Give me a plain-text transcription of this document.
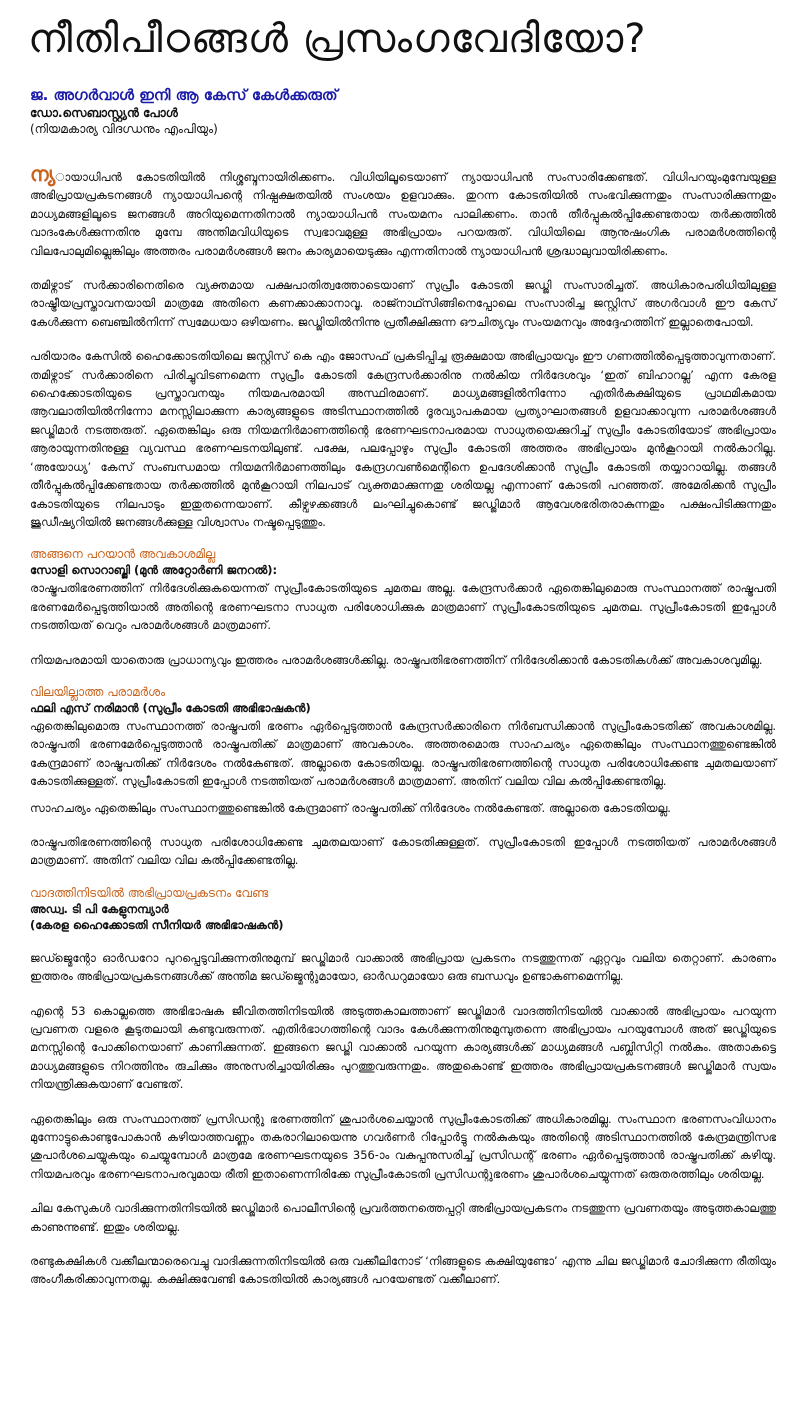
നീതിപീഠങ്ങൾ പ്രസംഗവേദിയോ?
ജ. അഗർവാൾ ഇനി ആ കേസ് കേൾക്കരുത്
ഡോ.സെബാസ്റ്റ്യൻ പോൾ
(നിയമകാര്യ വിദഗ്ധനും എംപിയും)

ന്യായാധിപൻ കോടതിയിൽ നിശ്ശബ്ദനായിരിക്കണം. വിധിയിലൂടെയാണ് ന്യായാധിപൻ സംസാരിക്കേണ്ടത്. വിധിപറയുംമുമ്പേയുള്ള അഭിപ്രായപ്രകടനങ്ങൾ ന്യായാധിപന്റെ നിഷ്പക്ഷതയിൽ സംശയം ഉളവാക്കും. തുറന്ന കോടതിയിൽ സംഭവിക്കുന്നതും സംസാരിക്കുന്നതും മാധ്യമങ്ങളിലൂടെ ജനങ്ങൾ അറിയുമെന്നതിനാൽ ന്യായാധിപൻ സംയമനം പാലിക്കണം. താൻ തീർപ്പുകൽപ്പിക്കേണ്ടതായ തർക്കത്തിൽ വാദംകേൾക്കുന്നതിനു മുമ്പേ അന്തിമവിധിയുടെ സ്വഭാവമുള്ള അഭിപ്രായം പറയരുത്. വിധിയിലെ ആനുഷംഗിക പരാമർശത്തിന്റെ വിലപോലുമില്ലെങ്കിലും അത്തരം പരാമർശങ്ങൾ ജനം കാര്യമായെടുക്കും എന്നതിനാൽ ന്യായാധിപൻ ശ്രദ്ധാലുവായിരിക്കണം.

തമിഴ്നാട് സർക്കാരിനെതിരെ വ്യക്തമായ പക്ഷപാതിത്വത്തോടെയാണ് സുപ്രീം കോടതി ജഡ്ജി സംസാരിച്ചത്. അധികാരപരിധിയിലുള്ള രാഷ്ട്രീയപ്രസ്താവനയായി മാത്രമേ അതിനെ കണക്കാക്കാനാവൂ. രാജ്നാഥ്സിങ്ങിനെപ്പോലെ സംസാരിച്ച ജസ്റ്റിസ് അഗർവാൾ ഈ കേസ് കേൾക്കുന്ന ബെഞ്ചിൽനിന്ന് സ്വമേധയാ ഒഴിയണം. ജഡ്ജിയിൽനിന്നു പ്രതീക്ഷിക്കുന്ന ഔചിത്യവും സംയമനവും അദ്ദേഹത്തിന് ഇല്ലാതെപോയി.

പരിയാരം കേസിൽ ഹൈക്കോടതിയിലെ ജസ്റ്റിസ് കെ എം ജോസഫ് പ്രകടിപ്പിച്ച രൂക്ഷമായ അഭിപ്രായവും ഈ ഗണത്തിൽപ്പെടുത്താവുന്നതാണ്. തമിഴ്നാട് സർക്കാരിനെ പിരിച്ചുവിടണമെന്ന സുപ്രീം കോടതി കേന്ദ്രസർക്കാരിനു നൽകിയ നിർദേശവും ‘ഇത് ബിഹാറല്ല’ എന്ന കേരള ഹൈക്കോടതിയുടെ പ്രസ്താവനയും നിയമപരമായി അസ്ഥിരമാണ്. മാധ്യമങ്ങളിൽനിന്നോ എതിർകക്ഷിയുടെ പ്രാഥമികമായ ആവലാതിയിൽനിന്നോ മനസ്സിലാക്കുന്ന കാര്യങ്ങളുടെ അടിസ്ഥാനത്തിൽ ദൂരവ്യാപകമായ പ്രത്യാഘാതങ്ങൾ ഉളവാക്കാവുന്ന പരാമർശങ്ങൾ ജഡ്ജിമാർ നടത്തരുത്. ഏതെങ്കിലും ഒരു നിയമനിർമാണത്തിന്റെ ഭരണഘടനാപരമായ സാധുതയെക്കുറിച്ച് സുപ്രീം കോടതിയോട് അഭിപ്രായം ആരായുന്നതിനുള്ള വ്യവസ്ഥ ഭരണഘടനയിലുണ്ട്. പക്ഷേ, പലപ്പോഴും സുപ്രീം കോടതി അത്തരം അഭിപ്രായം മുൻകൂറായി നൽകാറില്ല. ‘അയോധ്യ’ കേസ് സംബന്ധമായ നിയമനിർമാണത്തിലും കേന്ദ്രഗവൺമെന്റിനെ ഉപദേശിക്കാൻ സുപ്രീം കോടതി തയ്യാറായില്ല. തങ്ങൾ തീർപ്പുകൽപ്പിക്കേണ്ടതായ തർക്കത്തിൽ മുൻകൂറായി നിലപാട് വ്യക്തമാക്കുന്നതു ശരിയല്ല എന്നാണ് കോടതി പറഞ്ഞത്. അമേരിക്കൻ സുപ്രീം കോടതിയുടെ നിലപാടും ഇതുതന്നെയാണ്. കീഴ്വഴക്കങ്ങൾ ലംഘിച്ചുകൊണ്ട് ജഡ്ജിമാർ ആവേശഭരിതരാകുന്നതും പക്ഷംപിടിക്കുന്നതും ജുഡീഷ്യറിയിൽ ജനങ്ങൾക്കുള്ള വിശ്വാസം നഷ്ടപ്പെടുത്തും.

അങ്ങനെ പറയാൻ അവകാശമില്ല
സോളി സൊറാബ്ജി (മുൻ അറ്റോർണി ജനറൽ):

രാഷ്ട്രപതിഭരണത്തിന് നിർദേശിക്കുകയെന്നത് സുപ്രീംകോടതിയുടെ ചുമതല അല്ല. കേന്ദ്രസർക്കാർ ഏതെങ്കിലുമൊരു സംസ്ഥാനത്ത് രാഷ്ട്രപതി ഭരണമേർപ്പെടുത്തിയാൽ അതിന്റെ ഭരണഘടനാ സാധുത പരിശോധിക്കുക മാത്രമാണ് സുപ്രീംകോടതിയുടെ ചുമതല. സുപ്രീംകോടതി ഇപ്പോൾ നടത്തിയത് വെറും പരാമർശങ്ങൾ മാത്രമാണ്.

നിയമപരമായി യാതൊരു പ്രാധാന്യവും ഇത്തരം പരാമർശങ്ങൾക്കില്ല. രാഷ്ട്രപതിഭരണത്തിന് നിർദേശിക്കാൻ കോടതികൾക്ക് അവകാശവുമില്ല.

വിലയില്ലാത്ത പരാമർശം
ഫലി എസ് നരിമാൻ (സുപ്രീം കോടതി അഭിഭാഷകൻ)

ഏതെങ്കിലുമൊരു സംസ്ഥാനത്ത് രാഷ്ട്രപതി ഭരണം ഏർപ്പെടുത്താൻ കേന്ദ്രസർക്കാരിനെ നിർബന്ധിക്കാൻ സുപ്രീംകോടതിക്ക് അവകാശമില്ല. രാഷ്ട്രപതി ഭരണമേർപ്പെടുത്താൻ രാഷ്ട്രപതിക്ക് മാത്രമാണ് അവകാശം. അത്തരമൊരു സാഹചര്യം ഏതെങ്കിലും സംസ്ഥാനത്തുണ്ടെങ്കിൽ കേന്ദ്രമാണ് രാഷ്ട്രപതിക്ക് നിർദേശം നൽകേണ്ടത്. അല്ലാതെ കോടതിയല്ല. രാഷ്ട്രപതിഭരണത്തിന്റെ സാധുത പരിശോധിക്കേണ്ട ചുമതലയാണ് കോടതിക്കുള്ളത്. സുപ്രീംകോടതി ഇപ്പോൾ നടത്തിയത് പരാമർശങ്ങൾ മാത്രമാണ്. അതിന് വലിയ വില കൽപ്പിക്കേണ്ടതില്ല.

സാഹചര്യം ഏതെങ്കിലും സംസ്ഥാനത്തുണ്ടെങ്കിൽ കേന്ദ്രമാണ് രാഷ്ട്രപതിക്ക് നിർദേശം നൽകേണ്ടത്. അല്ലാതെ കോടതിയല്ല.

രാഷ്ട്രപതിഭരണത്തിന്റെ സാധുത പരിശോധിക്കേണ്ട ചുമതലയാണ് കോടതിക്കുള്ളത്. സുപ്രീംകോടതി ഇപ്പോൾ നടത്തിയത് പരാമർശങ്ങൾ മാത്രമാണ്. അതിന് വലിയ വില കൽപ്പിക്കേണ്ടതില്ല.

വാദത്തിനിടയിൽ അഭിപ്രായപ്രകടനം വേണ്ട
അഡ്വ. ടി പി കേളുനമ്പ്യാർ
(കേരള ഹൈക്കോടതി സീനിയർ അഭിഭാഷകൻ)

ജഡ്ജ്മെന്റോ ഓർഡറോ പുറപ്പെടുവിക്കുന്നതിനുമുമ്പ് ജഡ്ജിമാർ വാക്കാൽ അഭിപ്രായ പ്രകടനം നടത്തുന്നത് ഏറ്റവും വലിയ തെറ്റാണ്. കാരണം ഇത്തരം അഭിപ്രായപ്രകടനങ്ങൾക്ക് അന്തിമ ജഡ്ജ്മെന്റുമായോ, ഓർഡറുമായോ ഒരു ബന്ധവും ഉണ്ടാകണമെന്നില്ല.

എന്റെ 53 കൊല്ലത്തെ അഭിഭാഷക ജീവിതത്തിനിടയിൽ അടുത്തകാലത്താണ് ജഡ്ജിമാർ വാദത്തിനിടയിൽ വാക്കാൽ അഭിപ്രായം പറയുന്ന പ്രവണത വളരെ കൂടുതലായി കണ്ടുവരുന്നത്. എതിർഭാഗത്തിന്റെ വാദം കേൾക്കുന്നതിനുമുമ്പുതന്നെ അഭിപ്രായം പറയുമ്പോൾ അത് ജഡ്ജിയുടെ മനസ്സിന്റെ പോക്കിനെയാണ് കാണിക്കുന്നത്. ഇങ്ങനെ ജഡ്ജി വാക്കാൽ പറയുന്ന കാര്യങ്ങൾക്ക് മാധ്യമങ്ങൾ പബ്ലിസിറ്റി നൽകും. അതാകട്ടെ മാധ്യമങ്ങളുടെ നിറത്തിനും രുചിക്കും അനുസരിച്ചായിരിക്കും പുറത്തുവരുന്നതും. അതുകൊണ്ട് ഇത്തരം അഭിപ്രായപ്രകടനങ്ങൾ ജഡ്ജിമാർ സ്വയം നിയന്ത്രിക്കുകയാണ് വേണ്ടത്.

ഏതെങ്കിലും ഒരു സംസ്ഥാനത്ത് പ്രസിഡന്റു ഭരണത്തിന് ശുപാർശചെയ്യാൻ സുപ്രീംകോടതിക്ക് അധികാരമില്ല. സംസ്ഥാന ഭരണസംവിധാനം മുന്നോട്ടുകൊണ്ടുപോകാൻ കഴിയാത്തവണ്ണം തകരാറിലായെന്നു ഗവർണർ റിപ്പോർട്ടു നൽകുകയും അതിന്റെ അടിസ്ഥാനത്തിൽ കേന്ദ്രമന്ത്രിസഭ ശുപാർശചെയ്യുകയും ചെയ്യുമ്പോൾ മാത്രമേ ഭരണഘടനയുടെ 356-ാം വകുപ്പനുസരിച്ച് പ്രസിഡന്റ് ഭരണം ഏർപ്പെടുത്താൻ രാഷ്ട്രപതിക്ക് കഴിയൂ. നിയമപരവും ഭരണഘടനാപരവുമായ രീതി ഇതാണെന്നിരിക്കേ സുപ്രീംകോടതി പ്രസിഡന്റുഭരണം ശുപാർശചെയ്യുന്നത് ഒരുതരത്തിലും ശരിയല്ല.

ചില കേസുകൾ വാദിക്കുന്നതിനിടയിൽ ജഡ്ജിമാർ പൊലീസിന്റെ പ്രവർത്തനത്തെപ്പറ്റി അഭിപ്രായപ്രകടനം നടത്തുന്ന പ്രവണതയും അടുത്തകാലത്തു കാണുന്നുണ്ട്. ഇതും ശരിയല്ല.

രണ്ടുകക്ഷികൾ വക്കീലന്മാരെവെച്ചു വാദിക്കുന്നതിനിടയിൽ ഒരു വക്കീലിനോട് ‘നിങ്ങളുടെ കക്ഷിയുണ്ടോ’ എന്നു ചില ജഡ്ജിമാർ ചോദിക്കുന്ന രീതിയും അംഗീകരിക്കാവുന്നതല്ല. കക്ഷിക്കുവേണ്ടി കോടതിയിൽ കാര്യങ്ങൾ പറയേണ്ടത് വക്കീലാണ്.
